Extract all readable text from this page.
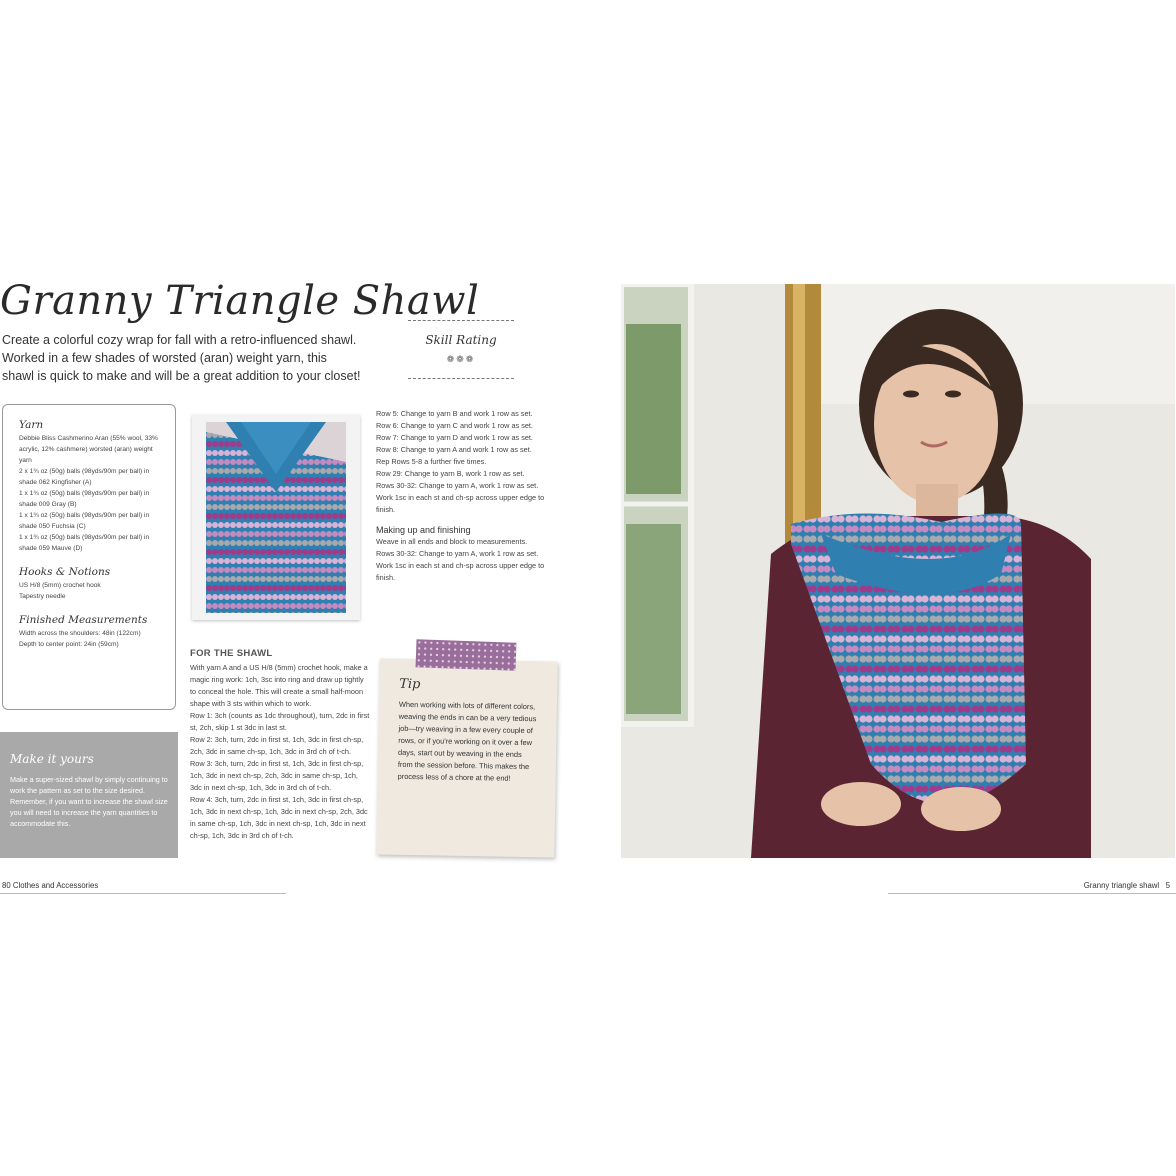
Granny Triangle Shawl
Create a colorful cozy wrap for fall with a retro-influenced shawl. Worked in a few shades of worsted (aran) weight yarn, this shawl is quick to make and will be a great addition to your closet!
Skill Rating
❁❁❁

Yarn

Debbie Bliss Cashmerino Aran (55% wool, 33% acrylic, 12% cashmere) worsted (aran) weight yarn

2 x 1¾ oz (50g) balls (98yds/90m per ball) in shade 062 Kingfisher (A)

1 x 1¾ oz (50g) balls (98yds/90m per ball) in shade 009 Gray (B)

1 x 1¾ oz (50g) balls (98yds/90m per ball) in shade 050 Fuchsia (C)

1 x 1¾ oz (50g) balls (98yds/90m per ball) in shade 059 Mauve (D)

Hooks & Notions

US H/8 (5mm) crochet hook

Tapestry needle

Finished Measurements

Width across the shoulders: 48in (122cm)

Depth to center point: 24in (59cm)

Make it yours
Make a super-sized shawl by simply continuing to work the pattern as set to the size desired. Remember, if you want to increase the shawl size you will need to increase the yarn quantities to accommodate this.
Row 5: Change to yarn B and work 1 row as set.
Row 6: Change to yarn C and work 1 row as set.
Row 7: Change to yarn D and work 1 row as set.
Row 8: Change to yarn A and work 1 row as set.
Rep Rows 5-8 a further five times.
Row 29: Change to yarn B, work 1 row as set.
Rows 30-32: Change to yarn A, work 1 row as set. Work 1sc in each st and ch-sp across upper edge to finish.
Making up and finishing
Weave in all ends and block to measurements.
Rows 30-32: Change to yarn A, work 1 row as set. Work 1sc in each st and ch-sp across upper edge to finish.
FOR THE SHAWL
With yarn A and a US H/8 (5mm) crochet hook, make a magic ring work: 1ch, 3sc into ring and draw up tightly to conceal the hole. This will create a small half-moon shape with 3 sts within which to work.
Row 1: 3ch (counts as 1dc throughout), turn, 2dc in first st, 2ch, skip 1 st 3dc in last st.
Row 2: 3ch, turn, 2dc in first st, 1ch, 3dc in first ch-sp, 2ch, 3dc in same ch-sp, 1ch, 3dc in 3rd ch of t-ch.
Row 3: 3ch, turn, 2dc in first st, 1ch, 3dc in first ch-sp, 1ch, 3dc in next ch-sp, 2ch, 3dc in same ch-sp, 1ch, 3dc in next ch-sp, 1ch, 3dc in 3rd ch of t-ch.
Row 4: 3ch, turn, 2dc in first st, 1ch, 3dc in first ch-sp, 1ch, 3dc in next ch-sp, 1ch, 3dc in next ch-sp, 2ch, 3dc in same ch-sp, 1ch, 3dc in next ch-sp, 1ch, 3dc in next ch-sp, 1ch, 3dc in 3rd ch of t-ch.
Tip
When working with lots of different colors, weaving the ends in can be a very tedious job—try weaving in a few every couple of rows, or if you're working on it over a few days, start out by weaving in the ends from the session before. This makes the process less of a chore at the end!
80 Clothes and Accessories	Granny triangle shawl 5
